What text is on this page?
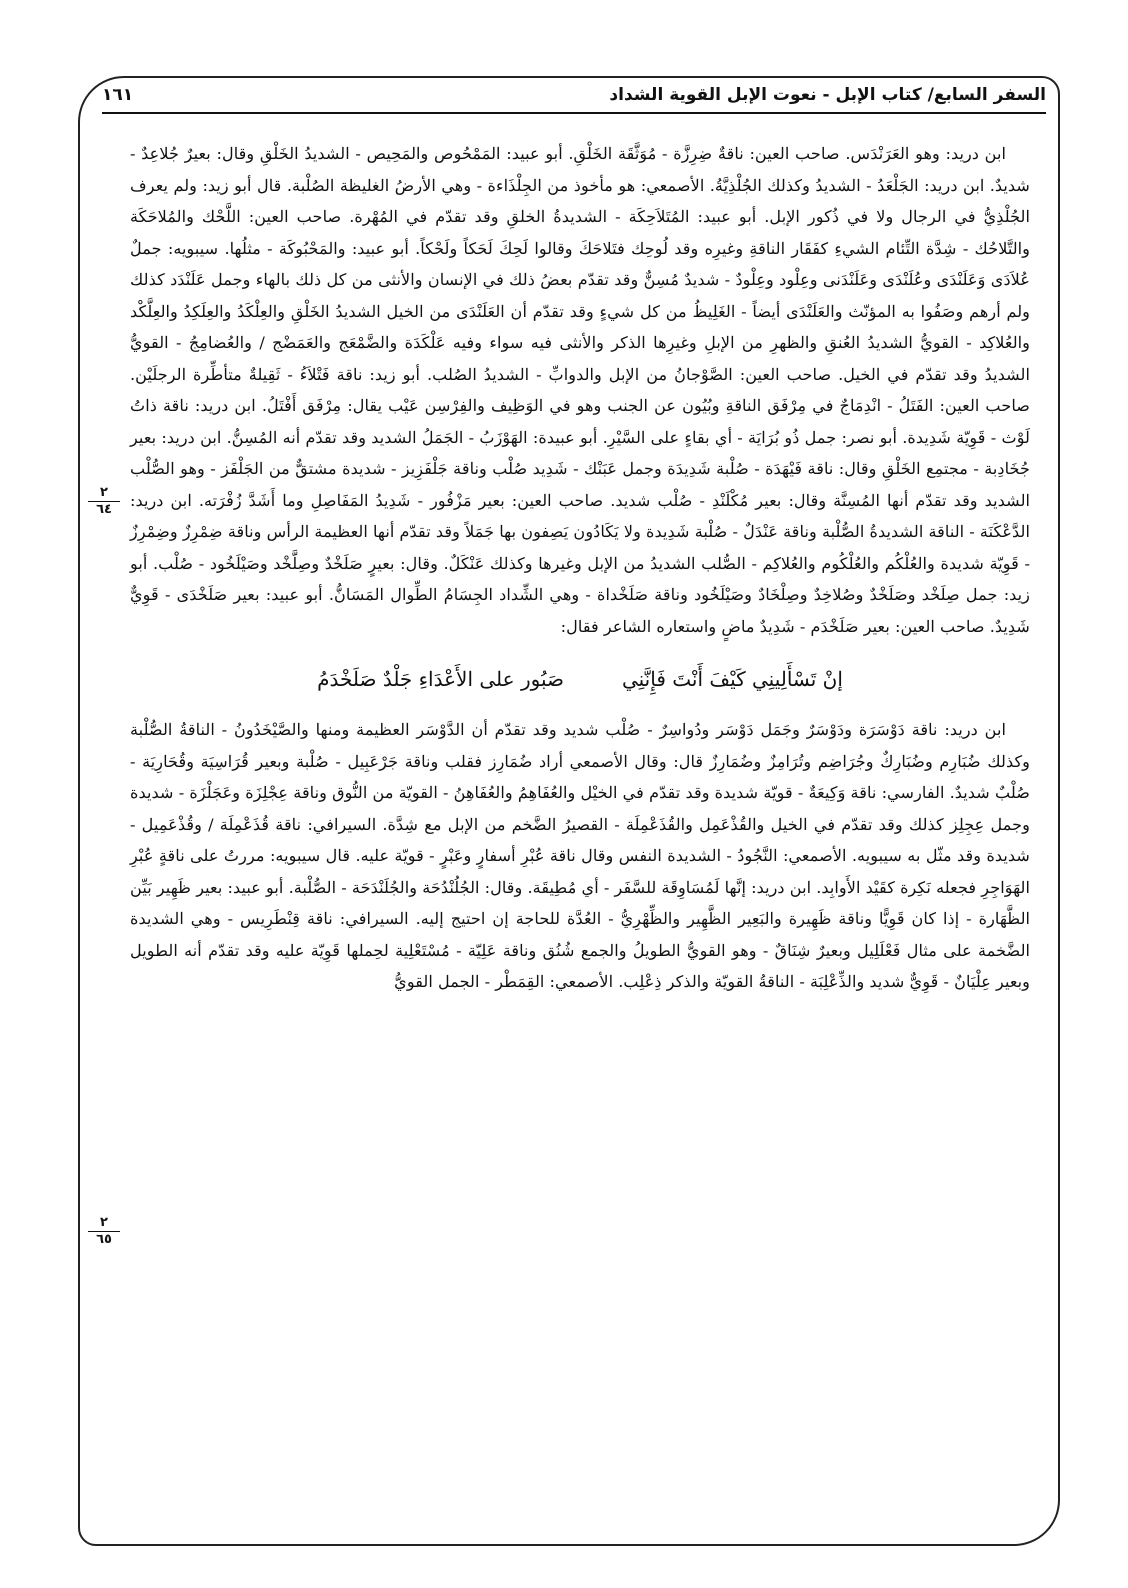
السفر السابع/ كتاب الإبل - نعوت الإبل القوية الشداد
١٦١

ابن دريد: وهو العَرَنْدَس. صاحب العين: ناقةٌ ضِرِزَّة - مُوَثَّقَة الخَلْقِ. أبو عبيد: المَمْحُوص والمَحِيص - الشديدُ الخَلْقِ وقال: بعيرٌ جُلاعِدٌ - شديدٌ. ابن دريد: الجَلْعَدُ - الشديدُ وكذلك الجُلْذِيَّةُ. الأصمعي: هو مأخوذ من الجِلْذَاءة - وهي الأرضُ الغليظة الصُلْبة. قال أبو زيد: ولم يعرف الجُلْذِيُّ في الرجال ولا في ذُكور الإبل. أبو عبيد: المُتَلاَحِكَة - الشديدةُ الخلقِ وقد تقدّم في المُهْرة. صاحب العين: اللَّحْك والمُلاحَكَة والتَّلاحُك - شِدَّة التِّئام الشيءِ كفَقَار الناقةِ وغيرِه وقد لُوحِك فتَلاحَكَ وقالوا لَحِكَ لَحَكاً ولَحْكاً. أبو عبيد: والمَحْبُوكَة - مثلُها. سيبويه: جملٌ عُلاَدَى وَعَلَنْدَى وعُلَنْدَى وعَلَنْدَنى وعِلْود وعِلْودٌ - شديدٌ مُسِنٌّ وقد تقدّم بعضُ ذلك في الإنسان والأنثى من كل ذلك بالهاء وجمل عَلَنْدَد كذلك ولم أرهم وصَفُوا به المؤنّث والعَلَنْدَى أيضاً - الغَلِيظُ من كل شيءٍ وقد تقدّم أن العَلَنْدَى من الخيل الشديدُ الخَلْقِ والعِلْكَدُ والعِلَكِدُ والعِلَّكْد والعُلاكِد - القويُّ الشديدُ العُنقِ والظهرِ من الإبلِ وغيرِها الذكر والأنثى فيه سواء وفيه عَلْكَدَة والضَّمْعَج والعَمَضْج / والعُضامِجُ - القويُّ الشديدُ وقد تقدّم في الخيل. صاحب العين: الصَّوْجانُ من الإبل والدوابِّ - الشديدُ الصُلب. أبو زيد: ناقة فَتْلاَءُ - ثَقِيلةٌ متأطِّرة الرجلَيْن. صاحب العين: الفَتَلُ - انْدِمَاجٌ في مِرْفَق الناقةِ وبُيُون عن الجنب وهو في الوَظِيف والفِرْسِن عَيْب يقال: مِرْفَق أَفْتَلُ. ابن دريد: ناقة ذاتُ لَوْث - قَوِيّة شَدِيدة. أبو نصر: جمل ذُو بُرَايَة - أي بقاءٍ على السَّيْرِ. أبو عبيدة: الهَوْزَبُ - الجَمَلُ الشديد وقد تقدّم أنه المُسِنُّ. ابن دريد: بعير جُخَادِبة - مجتمِع الخَلْقِ وقال: ناقة فَيْهَدَة - صُلْبة شَدِيدَة وجمل عَبَنْك - شَدِيد صُلْب وناقة جَلْفَزِيز - شديدة مشتقٌّ من الجَلْفَز - وهو الصُّلْب الشديد وقد تقدّم أنها المُسِنَّة وقال: بعير مُكْلَنْدِ - صُلْب شديد. صاحب العين: بعير مَزْفُور - شَدِيدُ المَفَاصِلِ وما أَشَدَّ زُفْرَته. ابن دريد: الدَّعْكَنَة - الناقة الشديدةُ الصُّلْبة وناقة عَنْدَلٌ - صُلْبة شَدِيدة ولا يَكَادُون يَصِفون بها جَمَلاً وقد تقدّم أنها العظيمة الرأس وناقة ضِمْرِزٌ وضِمْرِزٌ - قَوِيّة شديدة والعُلْكُم والعُلْكُوم والعُلاكِم - الصُّلب الشديدُ من الإبل وغيرها وكذلك عَنْكَلٌ. وقال: بعيرٍ صَلَخْدٌ وصِلَّخْد وصَيْلَخُود - صُلْب. أبو زيد: جمل صِلَخْد وصَلَخْدٌ وصُلاخِدٌ وصِلْخَادٌ وصَيْلَخُود وناقة صَلَخْداة - وهي الشِّداد الجِسَامُ الطِّوال المَسَانُّ. أبو عبيد: بعير صَلَخْدَى - قَوِيٌّ شَدِيدٌ. صاحب العين: بعير صَلَخْدَم - شَدِيدٌ ماضٍ واستعاره الشاعر فقال:

إنْ تَسْأَلِينِي كَيْفَ أَنْتَ فَإِنَّنِي
صَبُور على الأَعْدَاءِ جَلْدٌ صَلَخْدَمُ

ابن دريد: ناقة دَوْسَرَة ودَوْسَرٌ وجَمَل دَوْسَر ودُواسِرٌ - صُلْب شديد وقد تقدّم أن الدَّوْسَر العظيمة ومنها والصَّيْخَدُونُ - الناقةُ الصُّلْبة وكذلك ضُبَارِم وضُبَارِكٌ وجُرَاضِم وتُرَامِزٌ وضُمَارِزٌ قال: وقال الأصمعي أراد ضُمَارِز فقلب وناقة جَرْعَبِيل - صُلْبة وبعير قُرَاسِيَة وقُحَارِيَة - صُلْبٌ شديدٌ. الفارسي: ناقة وَكِيعَةٌ - قويّة شديدة وقد تقدّم في الخيْل والعُفَاهِمُ والعُفَاهِنُ - القويّة من النُّوق وناقة عِجْلِزَة وعَجَلْزَة - شديدة وجمل عِجِلِز كذلك وقد تقدّم في الخيل والقُذْعَمِل والقُذَعْمِلَة - القصيرُ الضَّخم من الإبل مع شِدَّة. السيرافي: ناقة قُذَعْمِلَة / وقُذْعَمِيل - شديدة وقد مثّل به سيبويه. الأصمعي: النَّجُودُ - الشديدة النفس وقال ناقة عُبْرِ أسفارٍ وعَبْرٍ - قويّة عليه. قال سيبويه: مررتُ على ناقةٍ عُبْرِ الهَوَاجِرِ فجعله نَكِرة كقَيْد الأَوابِد. ابن دريد: إنَّها لَمُسَاوِقَة للسَّفَر - أي مُطِيقَة. وقال: الجُلُنْدُحَة والجُلَنْدَحَة - الصُّلْبة. أبو عبيد: بعير ظَهِير بَيِّن الظَّهَارة - إذا كان قَوِيًّا وناقة ظَهِيرة والبَعِير الظَّهِير والظِّهْرِيُّ - العُدَّة للحاجة إن احتيج إليه. السيرافي: ناقة قِنْطَرِيس - وهي الشديدة الضَّخمة على مثال فَعْلَلِيل وبعيرٌ شِنَاقٌ - وهو القويُّ الطويلُ والجمع شُنُق وناقة عَلِيّة - مُسْتَعْلِية لحِملها قَوِيّة عليه وقد تقدّم أنه الطويل وبعير عِلْيَانٌ - قَوِيٌّ شديد والذِّعْلِبَة - الناقةُ القويّة والذكر ذِعْلِب. الأصمعي: القِمَطْر - الجمل القويُّ

٢
٦٤
٢
٦٥
